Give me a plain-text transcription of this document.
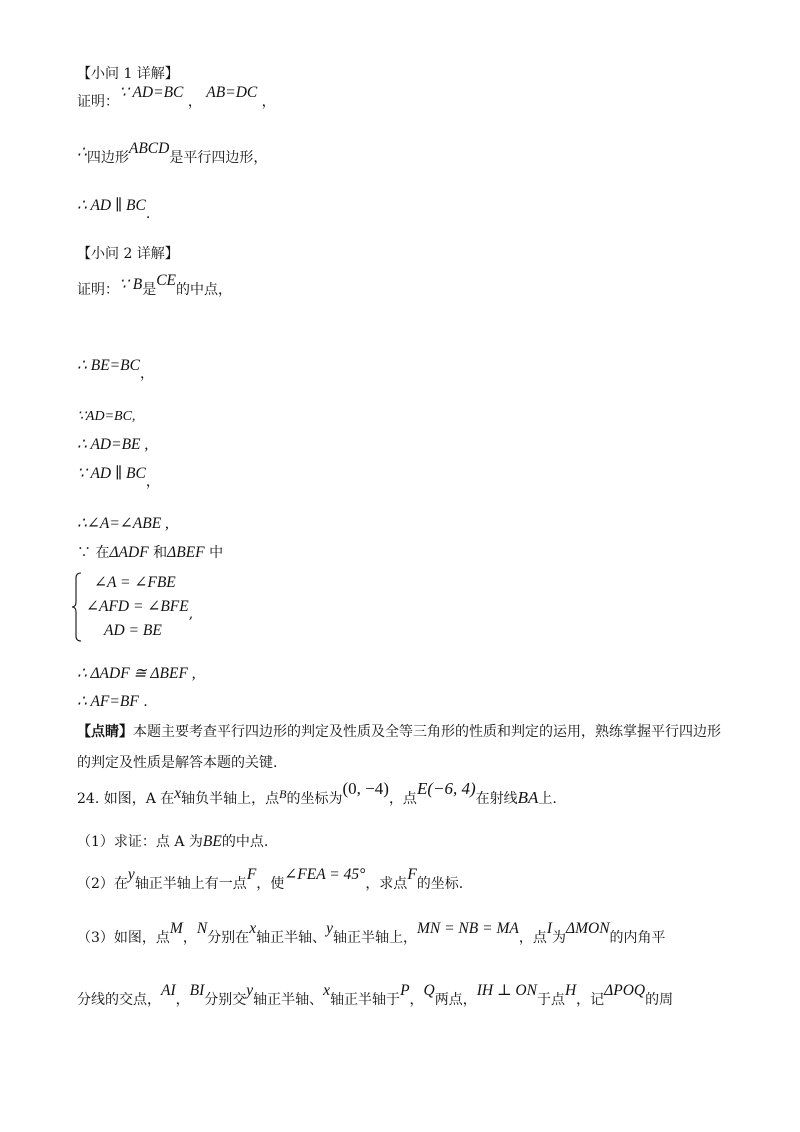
【小问 1 详解】
证明：∵ AD=BC ， AB=DC ，
∴四边形ABCD是平行四边形，
∴ AD ∥ BC.
【小问 2 详解】
证明：∵ B是CE的中点，
∴ BE=BC，
∵AD=BC,
∴ AD=BE ,
∵ AD ∥ BC，
∴∠A=∠ABE ,
∵ 在ΔADF 和ΔBEF 中
∠A = ∠FBE
∠AFD = ∠BFE,
AD = BE
∴ ΔADF ≅ ΔBEF ,
∴ AF=BF .
【点睛】本题主要考查平行四边形的判定及性质及全等三角形的性质和判定的运用，熟练掌握平行四边形
的判定及性质是解答本题的关键.
24. 如图，A 在x轴负半轴上，点B的坐标为(0, −4)，点E(−6, 4)在射线BA上.
（1）求证：点 A 为BE的中点.
（2）在y轴正半轴上有一点F，使∠FEA = 45°，求点F的坐标.
（3）如图，点M，N分别在x轴正半轴、y轴正半轴上，MN = NB = MA，点I为ΔMON的内角平
分线的交点，AI，BI分别交y轴正半轴、x轴正半轴于P，Q两点，IH ⊥ ON于点H，记ΔPOQ的周
